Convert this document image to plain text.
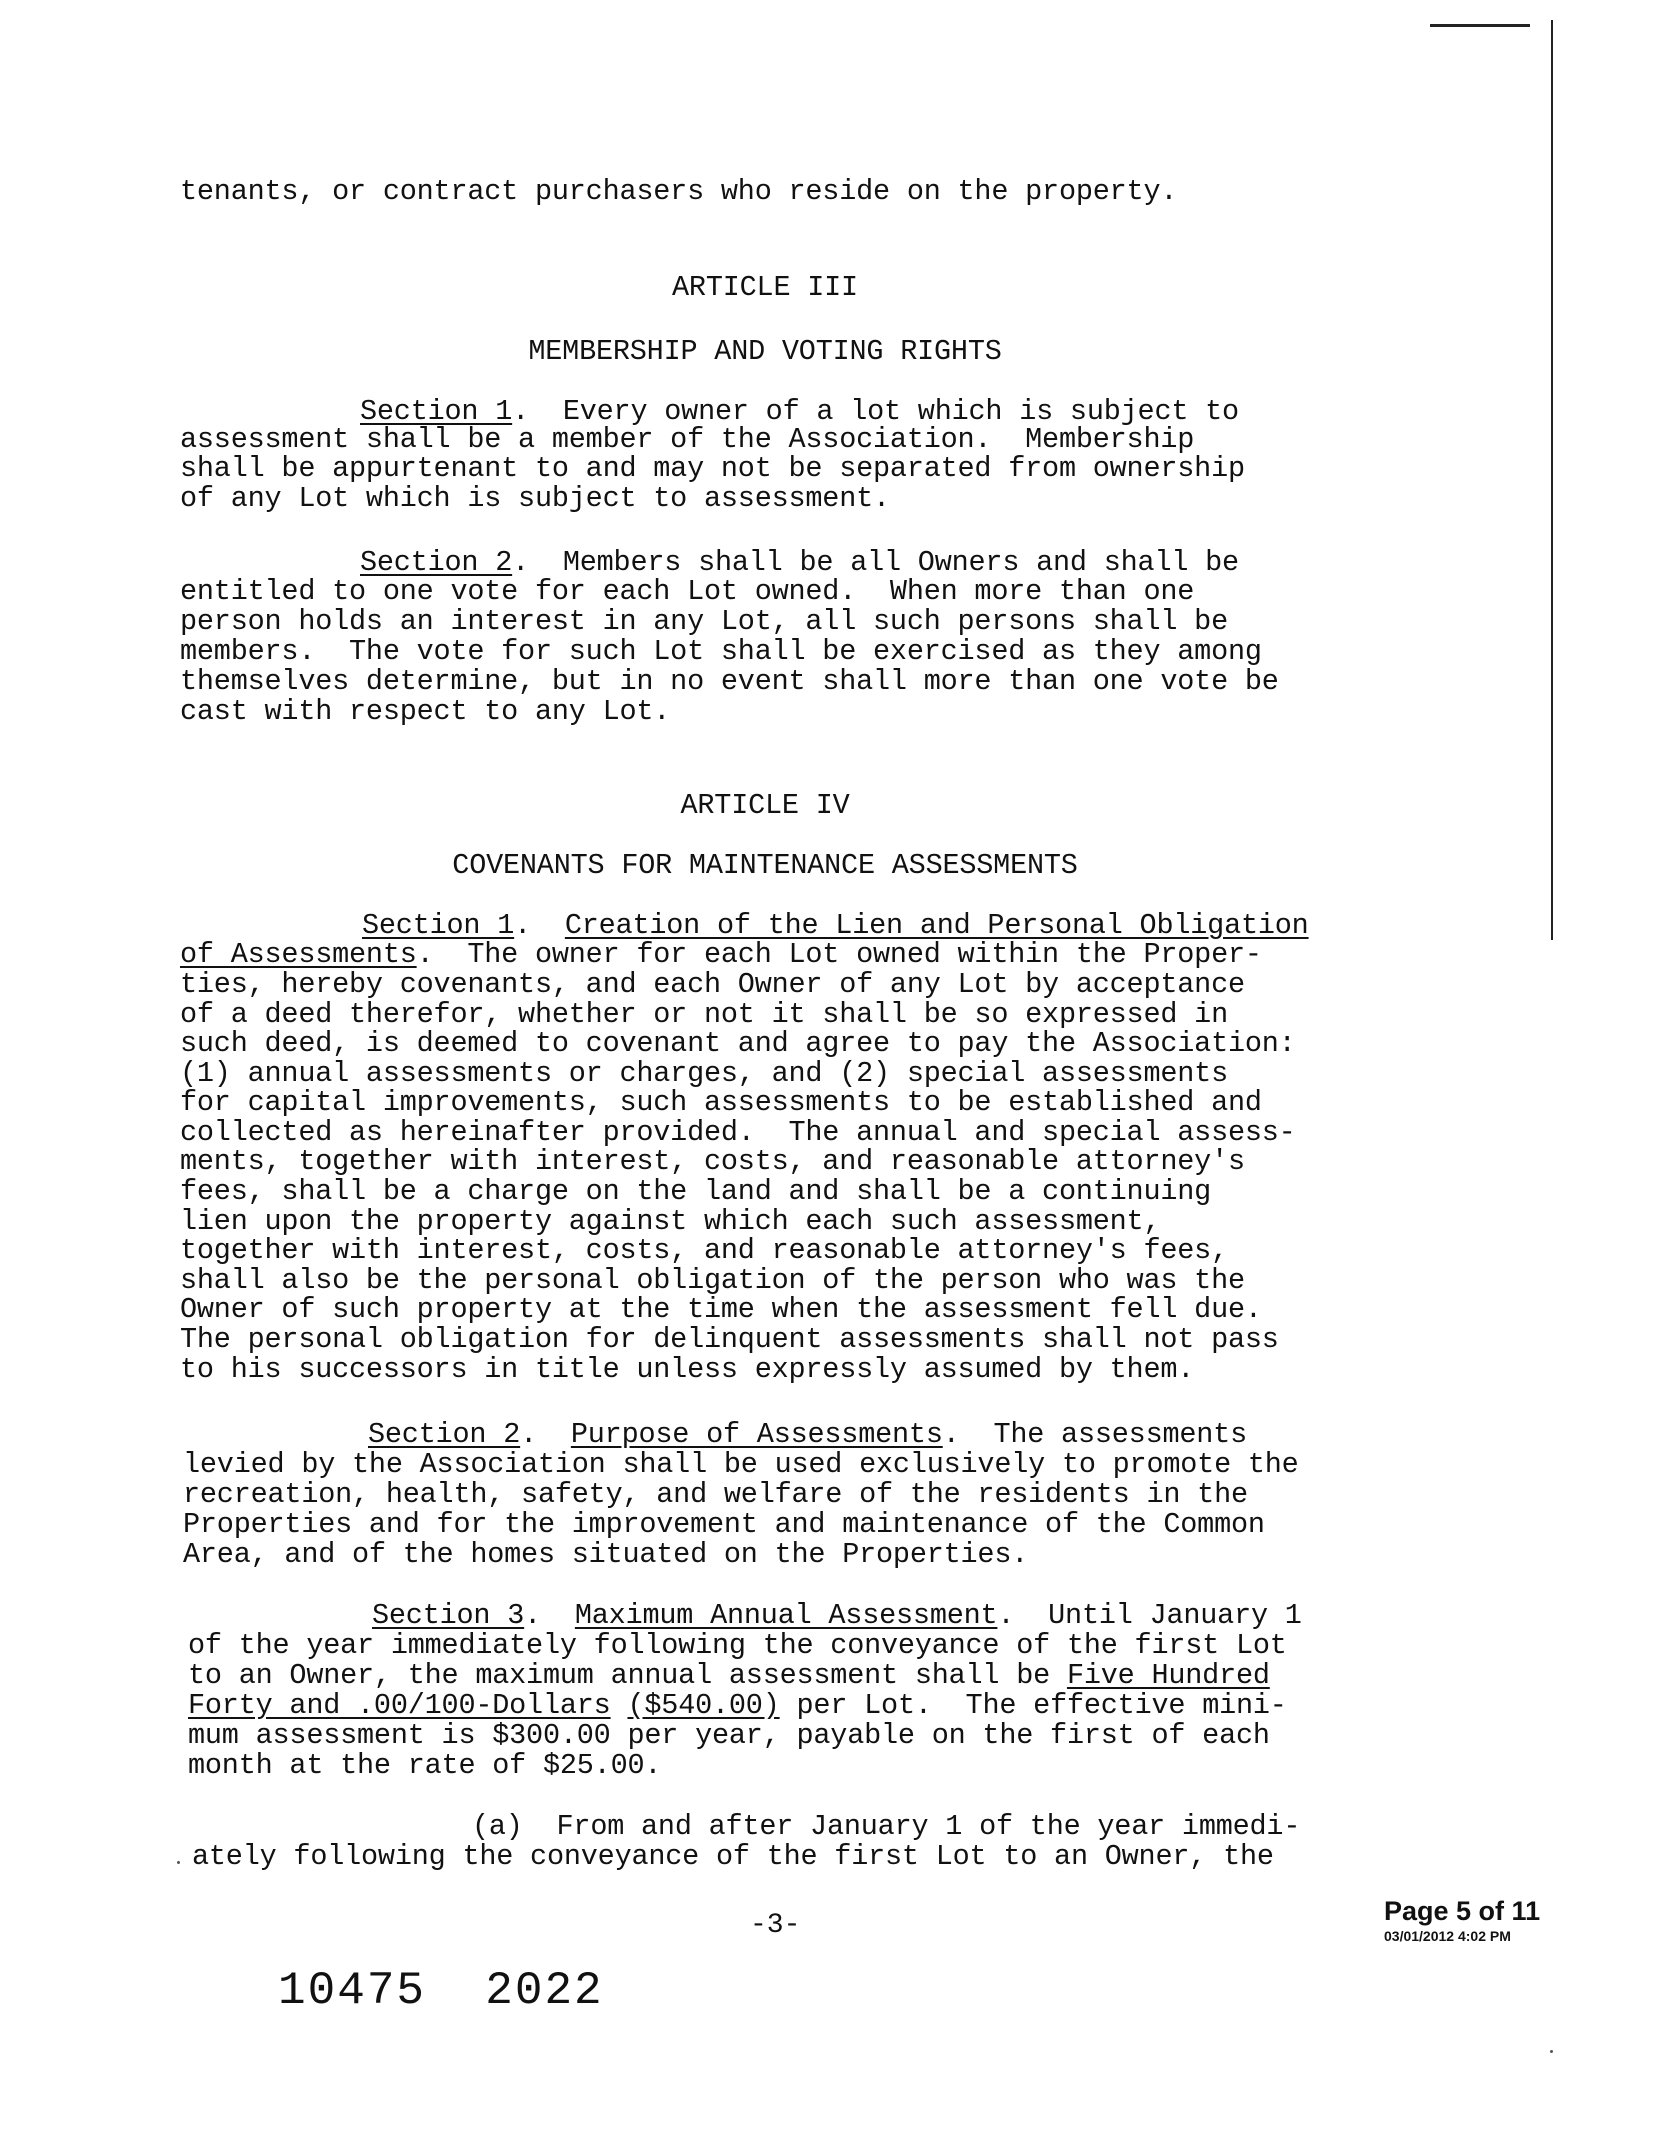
tenants, or contract purchasers who reside on the property.
ARTICLE III
MEMBERSHIP AND VOTING RIGHTS
Section 1.  Every owner of a lot which is subject to
assessment shall be a member of the Association.  Membership
shall be appurtenant to and may not be separated from ownership
of any Lot which is subject to assessment.
Section 2.  Members shall be all Owners and shall be
entitled to one vote for each Lot owned.  When more than one
person holds an interest in any Lot, all such persons shall be
members.  The vote for such Lot shall be exercised as they among
themselves determine, but in no event shall more than one vote be
cast with respect to any Lot.
ARTICLE IV
COVENANTS FOR MAINTENANCE ASSESSMENTS
Section 1.  Creation of the Lien and Personal Obligation
of Assessments.  The owner for each Lot owned within the Proper-
ties, hereby covenants, and each Owner of any Lot by acceptance
of a deed therefor, whether or not it shall be so expressed in
such deed, is deemed to covenant and agree to pay the Association:
(1) annual assessments or charges, and (2) special assessments
for capital improvements, such assessments to be established and
collected as hereinafter provided.  The annual and special assess-
ments, together with interest, costs, and reasonable attorney's
fees, shall be a charge on the land and shall be a continuing
lien upon the property against which each such assessment,
together with interest, costs, and reasonable attorney's fees,
shall also be the personal obligation of the person who was the
Owner of such property at the time when the assessment fell due.
The personal obligation for delinquent assessments shall not pass
to his successors in title unless expressly assumed by them.
Section 2.  Purpose of Assessments.  The assessments
levied by the Association shall be used exclusively to promote the
recreation, health, safety, and welfare of the residents in the
Properties and for the improvement and maintenance of the Common
Area, and of the homes situated on the Properties.
Section 3.  Maximum Annual Assessment.  Until January 1
of the year immediately following the conveyance of the first Lot
to an Owner, the maximum annual assessment shall be Five Hundred
Forty and .00/100-Dollars ($540.00) per Lot.  The effective mini-
mum assessment is $300.00 per year, payable on the first of each
month at the rate of $25.00.
(a)  From and after January 1 of the year immedi-
ately following the conveyance of the first Lot to an Owner, the
-3-	Page 5 of 11
03/01/2012 4:02 PM
10475  2022
